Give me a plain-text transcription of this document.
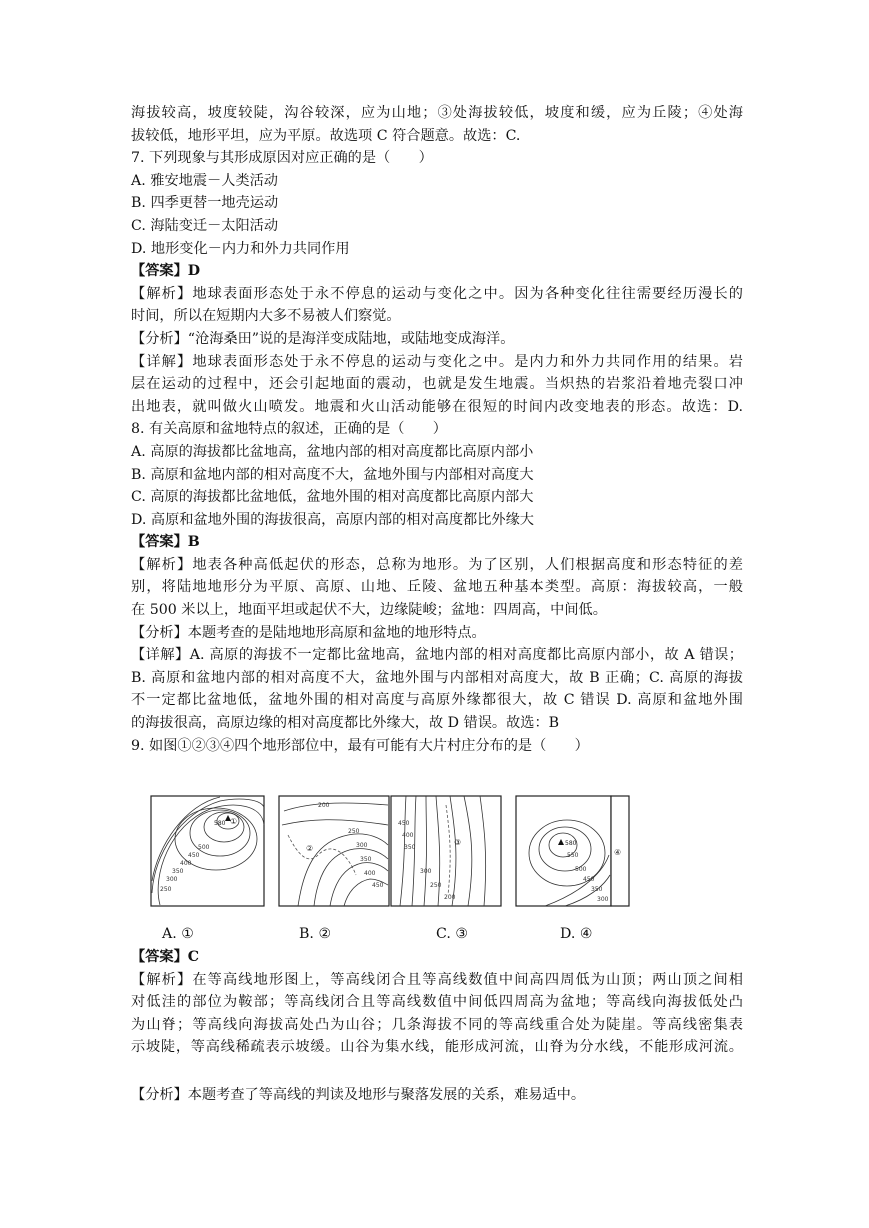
海拔较高，坡度较陡，沟谷较深，应为山地；③处海拔较低，坡度和缓，应为丘陵；④处海
拔较低，地形平坦，应为平原。故选项 C 符合题意。故选：C.
7. 下列现象与其形成原因对应正确的是（　　）
A. 雅安地震－人类活动
B. 四季更替一地壳运动
C. 海陆变迁－太阳活动
D. 地形变化－内力和外力共同作用
【答案】D
【解析】地球表面形态处于永不停息的运动与变化之中。因为各种变化往往需要经历漫长的
时间，所以在短期内大多不易被人们察觉。
【分析】“沧海桑田”说的是海洋变成陆地，或陆地变成海洋。
【详解】地球表面形态处于永不停息的运动与变化之中。是内力和外力共同作用的结果。岩
层在运动的过程中，还会引起地面的震动，也就是发生地震。当炽热的岩浆沿着地壳裂口冲
出地表，就叫做火山喷发。地震和火山活动能够在很短的时间内改变地表的形态。故选：D.
8. 有关高原和盆地特点的叙述，正确的是（　　）
A. 高原的海拔都比盆地高，盆地内部的相对高度都比高原内部小
B. 高原和盆地内部的相对高度不大，盆地外围与内部相对高度大
C. 高原的海拔都比盆地低，盆地外围的相对高度都比高原内部大
D. 高原和盆地外围的海拔很高，高原内部的相对高度都比外缘大
【答案】B
【解析】地表各种高低起伏的形态，总称为地形。为了区别，人们根据高度和形态特征的差
别，将陆地地形分为平原、高原、山地、丘陵、盆地五种基本类型。高原：海拔较高，一般
在 500 米以上，地面平坦或起伏不大，边缘陡峻；盆地：四周高，中间低。
【分析】本题考查的是陆地地形高原和盆地的地形特点。
【详解】A. 高原的海拔不一定都比盆地高，盆地内部的相对高度都比高原内部小，故 A 错误；
B. 高原和盆地内部的相对高度不大，盆地外围与内部相对高度大，故 B 正确；C. 高原的海拔
不一定都比盆地低，盆地外围的相对高度与高原外缘都很大，故 C 错误 D. 高原和盆地外围
的海拔很高，高原边缘的相对高度都比外缘大，故 D 错误。故选：B
9. 如图①②③④四个地形部位中，最有可能有大片村庄分布的是（　　）
580 ①
500
450
400
350
300
250
200
250
300
350
400
450
②
450
400
350
300
250
200
③	580
550
500
450
350
300
④
A. ①	B. ②	C. ③	D. ④
【答案】C
【解析】在等高线地形图上，等高线闭合且等高线数值中间高四周低为山顶；两山顶之间相
对低洼的部位为鞍部；等高线闭合且等高线数值中间低四周高为盆地；等高线向海拔低处凸
为山脊；等高线向海拔高处凸为山谷；几条海拔不同的等高线重合处为陡崖。等高线密集表
示坡陡，等高线稀疏表示坡缓。山谷为集水线，能形成河流，山脊为分水线，不能形成河流。
【分析】本题考查了等高线的判读及地形与聚落发展的关系，难易适中。
